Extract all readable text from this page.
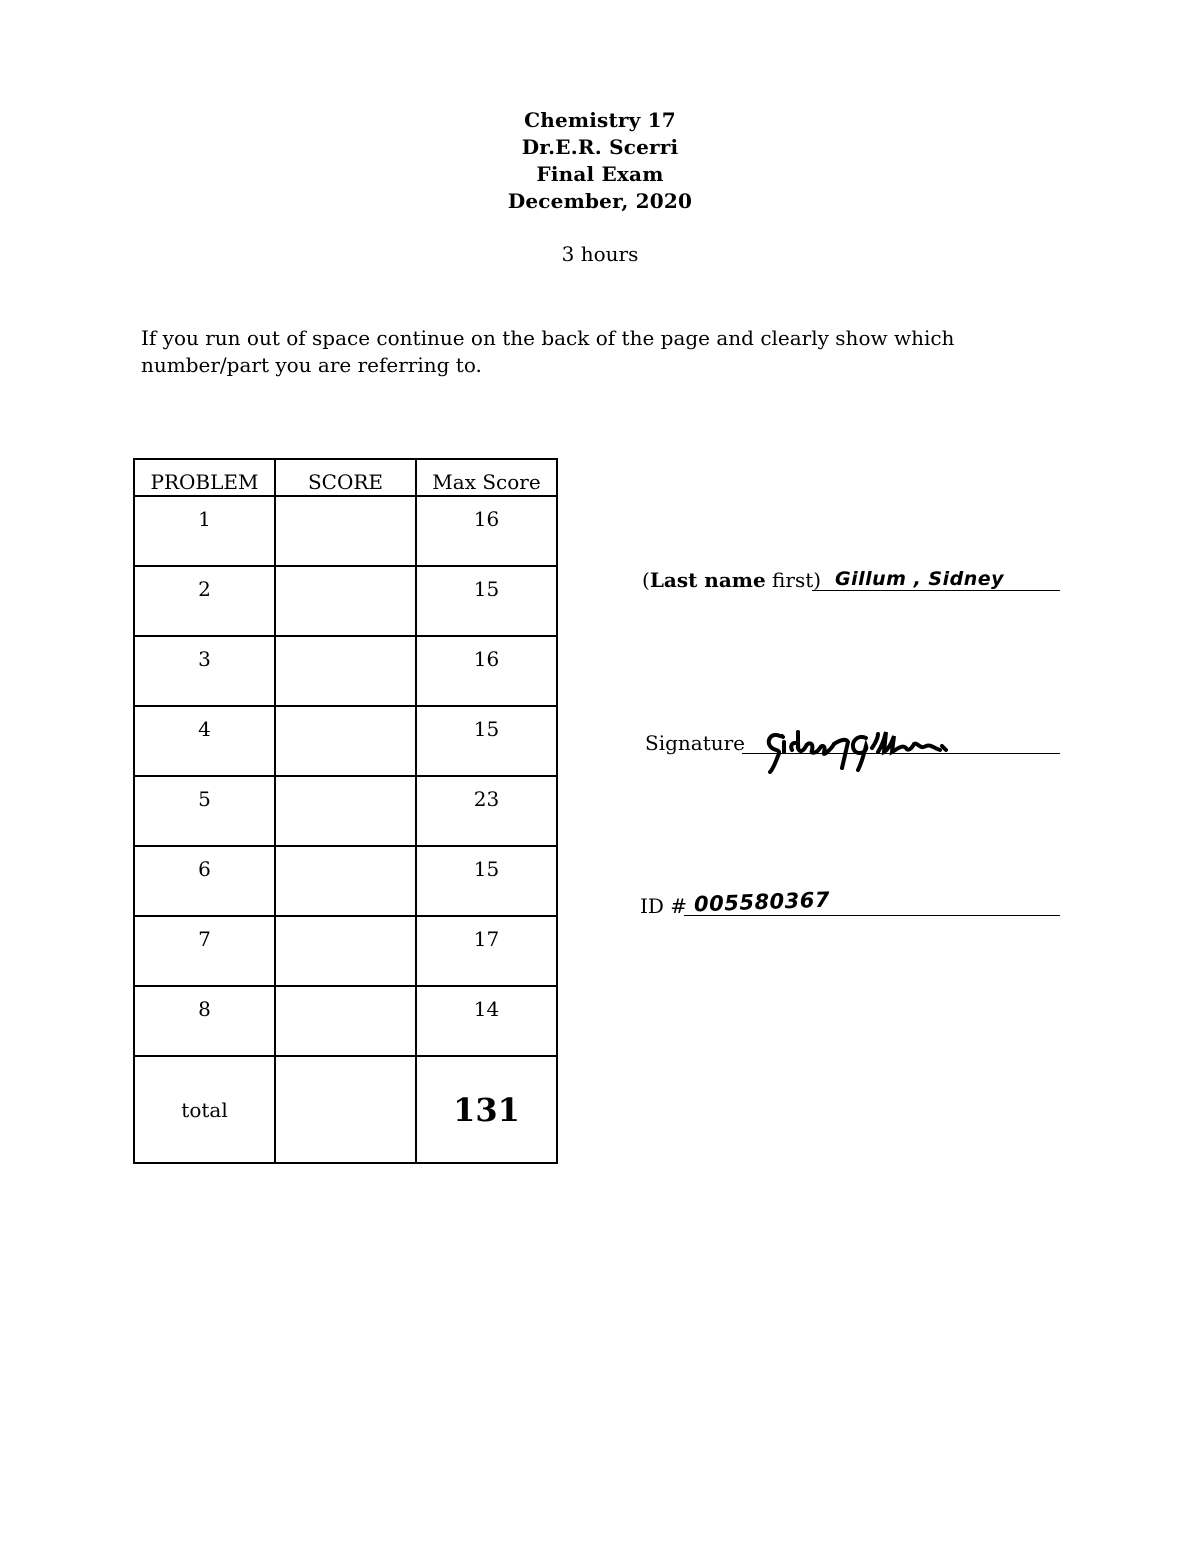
Chemistry 17
Dr.E.R. Scerri
Final Exam
December, 2020
3 hours
If you run out of space continue on the back of the page and clearly show which number/part you are referring to.
PROBLEM	SCORE	Max Score
1		16
2		15
3		16
4		15
5		23
6		15
7		17
8		14
total		131
(Last name first) Gillum , Sidney
Signature
ID # 005580367
